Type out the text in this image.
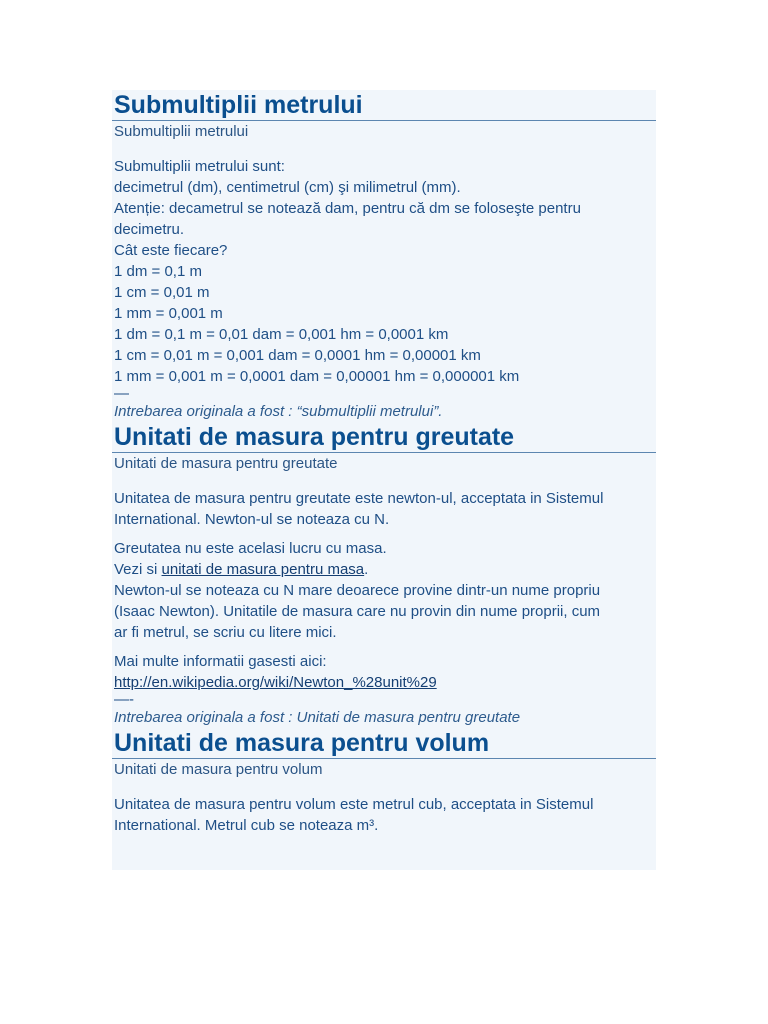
Submultiplii metrului

Submultiplii metrului

Submultiplii metrului sunt:

decimetrul (dm), centimetrul (cm) şi milimetrul (mm).

Atenție: decametrul se notează dam, pentru că dm se foloseşte pentru

decimetru.

Cât este fiecare?

1 dm = 0,1 m

1 cm = 0,01 m

1 mm = 0,001 m

1 dm = 0,1 m = 0,01 dam = 0,001 hm = 0,0001 km

1 cm = 0,01 m = 0,001 dam = 0,0001 hm = 0,00001 km

1 mm = 0,001 m = 0,0001 dam = 0,00001 hm = 0,000001 km

—

Intrebarea originala a fost : “submultiplii metrului”.

Unitati de masura pentru greutate

Unitati de masura pentru greutate

Unitatea de masura pentru greutate este newton-ul, acceptata in Sistemul

International. Newton-ul se noteaza cu N.

Greutatea nu este acelasi lucru cu masa.

Vezi si unitati de masura pentru masa.

Newton-ul se noteaza cu N mare deoarece provine dintr-un nume propriu

(Isaac Newton). Unitatile de masura care nu provin din nume proprii, cum

ar fi metrul, se scriu cu litere mici.

Mai multe informatii gasesti aici:

http://en.wikipedia.org/wiki/Newton_%28unit%29

—-

Intrebarea originala a fost : Unitati de masura pentru greutate

Unitati de masura pentru volum

Unitati de masura pentru volum

Unitatea de masura pentru volum este metrul cub, acceptata in Sistemul

International. Metrul cub se noteaza m³.
